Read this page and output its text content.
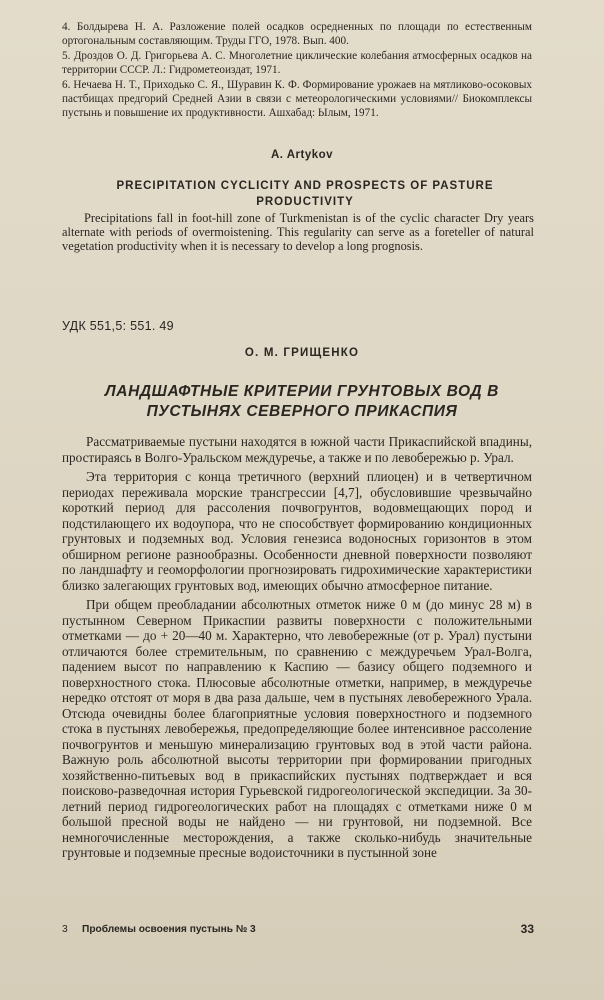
4. Болдырева Н. А. Разложение полей осадков осредненных по площади по естественным ортогональным составляющим. Труды ГГО, 1978. Вып. 400.

5. Дроздов О. Д. Григорьева А. С. Многолетние циклические колебания атмосферных осадков на территории СССР. Л.: Гидрометеоиздат, 1971.

6. Нечаева Н. Т., Приходько С. Я., Шуравин К. Ф. Формирование урожаев на мятликово-осоковых пастбищах предгорий Средней Азии в связи с метеорологическими условиями// Биокомплексы пустынь и повышение их продуктивности. Ашхабад: Ылым, 1971.

A. Artykov
PRECIPITATION CYCLICITY AND PROSPECTS OF PASTURE PRODUCTIVITY
Precipitations fall in foot-hill zone of Turkmenistan is of the cyclic character Dry years alternate with periods of overmoistening. This regularity can serve as a foreteller of natural vegetation productivity when it is necessary to develop a long prognosis.
УДК 551,5: 551. 49
О. М. ГРИЩЕНКО
ЛАНДШАФТНЫЕ КРИТЕРИИ ГРУНТОВЫХ ВОД В ПУСТЫНЯХ СЕВЕРНОГО ПРИКАСПИЯ

Рассматриваемые пустыни находятся в южной части Прикаспийской впадины, простираясь в Волго-Уральском междуречье, а также и по левобережью р. Урал.

Эта территория с конца третичного (верхний плиоцен) и в четвертичном периодах переживала морские трансгрессии [4,7], обусловившие чрезвычайно короткий период для рассоления почвогрунтов, водовмещающих пород и подстилающего их водоупора, что не способствует формированию кондиционных грунтовых и подземных вод. Условия генезиса водоносных горизонтов в этом обширном регионе разнообразны. Особенности дневной поверхности позволяют по ландшафту и геоморфологии прогнозировать гидрохимические характеристики близко залегающих грунтовых вод, имеющих обычно атмосферное питание.

При общем преобладании абсолютных отметок ниже 0 м (до минус 28 м) в пустынном Северном Прикаспии развиты поверхности с положительными отметками — до + 20—40 м. Характерно, что левобережные (от р. Урал) пустыни отличаются более стремительным, по сравнению с междуречьем Урал-Волга, падением высот по направлению к Каспию — базису общего подземного и поверхностного стока. Плюсовые абсолютные отметки, например, в междуречье нередко отстоят от моря в два раза дальше, чем в пустынях левобережного Урала. Отсюда очевидны более благоприятные условия поверхностного и подземного стока в пустынях левобережья, предопределяющие более интенсивное рассоление почвогрунтов и меньшую минерализацию грунтовых вод в этой части района. Важную роль абсолютной высоты территории при формировании пригодных хозяйственно-питьевых вод в прикаспийских пустынях подтверждает и вся поисково-разведочная история Гурьевской гидрогеологической экспедиции. За 30-летний период гидрогеологических работ на площадях с отметками ниже 0 м большой пресной воды не найдено — ни грунтовой, ни подземной. Все немногочисленные месторождения, а также сколько-нибудь значительные грунтовые и подземные пресные водоисточники в пустынной зоне

3 Проблемы освоения пустынь № 3	33
